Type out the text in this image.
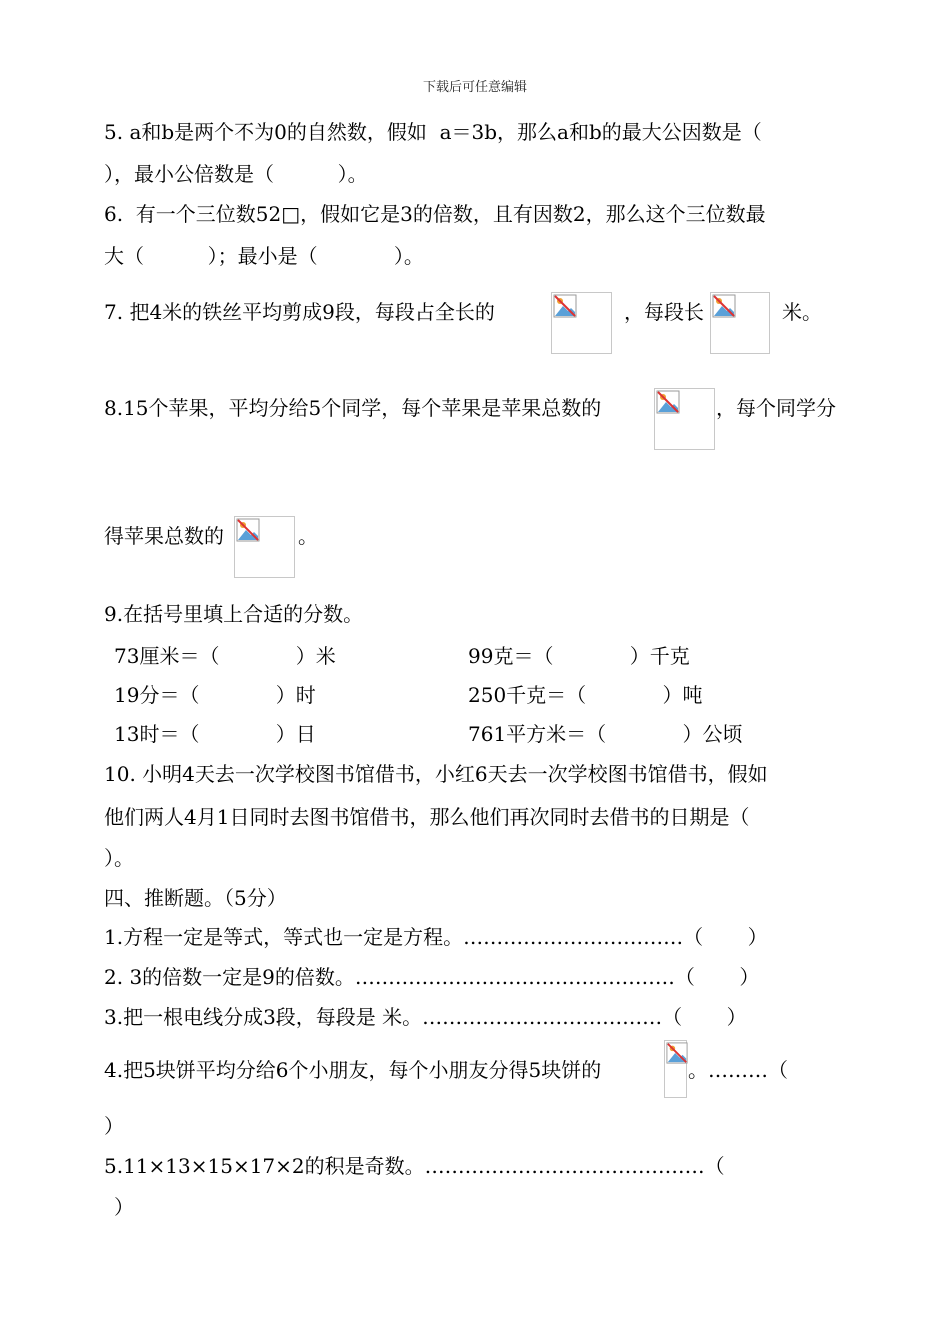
下载后可任意编辑
5. a和b是两个不为0的自然数，假如  a＝3b，那么a和b的最大公因数是（
），最小公倍数是（          ）。
6.  有一个三位数52□，假如它是3的倍数，且有因数2，那么这个三位数最
大（          ）；最小是（            ）。
7. 把4米的铁丝平均剪成9段，每段占全长的	，每段长	米。
8.15个苹果，平均分给5个同学，每个苹果是苹果总数的	，每个同学分
得苹果总数的	。
9.在括号里填上合适的分数。
73厘米＝（            ）米	99克＝（            ）千克
19分＝（            ）时	250千克＝（            ）吨
13时＝（            ）日	761平方米＝（            ）公顷
10. 小明4天去一次学校图书馆借书，小红6天去一次学校图书馆借书，假如
他们两人4月1日同时去图书馆借书，那么他们再次同时去借书的日期是（
）。
四、推断题。（5分）
1.方程一定是等式，等式也一定是方程。……………………………（       ）
2. 3的倍数一定是9的倍数。…………………………………………（       ）
3.把一根电线分成3段，每段是 米。………………………………（       ）
4.把5块饼平均分给6个小朋友，每个小朋友分得5块饼的	。………（
）
5.11×13×15×17×2的积是奇数。……………………………………（
）
